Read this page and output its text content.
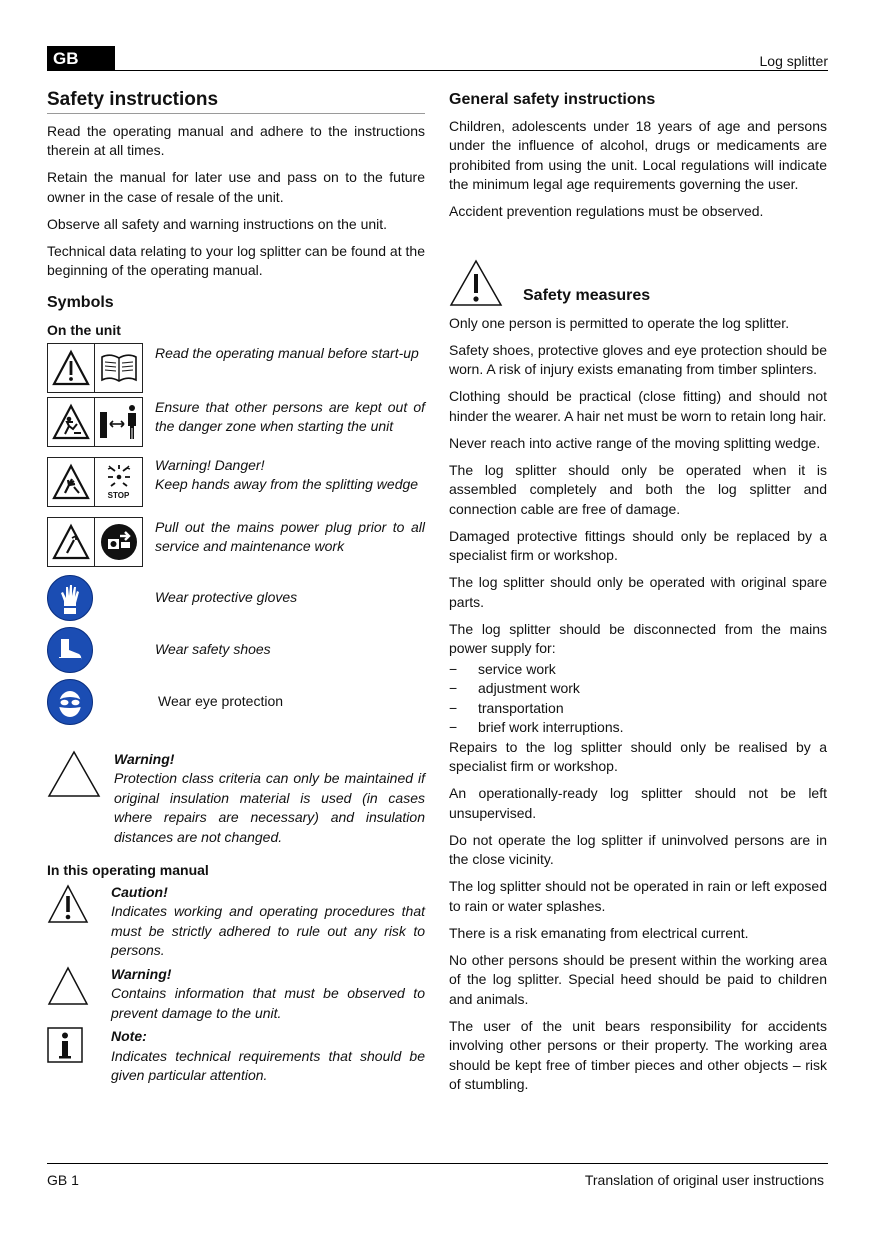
GB	Log splitter
Safety instructions

Read the operating manual and adhere to the instructions therein at all times.

Retain the manual for later use and pass on to the future owner in the case of resale of the unit.

Observe all safety and warning instructions on the unit.

Technical data relating to your log splitter can be found at the beginning of the operating manual.

Symbols
On the unit
Read the operating manual before start-up
Ensure that other persons are kept out of the danger zone when starting the unit
STOP
Warning! Danger!
Keep hands away from the splitting wedge
Pull out the mains power plug prior to all service and maintenance work
Wear protective gloves
Wear safety shoes
Wear eye protection
Warning!
Protection class criteria can only be maintained if original insulation material is used (in cases where repairs are necessary) and insulation distances are not changed.
In this operating manual
Caution!
Indicates working and operating procedures that must be strictly adhered to rule out any risk to persons.
Warning!
Contains information that must be observed to prevent damage to the unit.
Note:
Indicates technical requirements that should be given particular attention.
General safety instructions

Children, adolescents under 18 years of age and persons under the influence of alcohol, drugs or medicaments are prohibited from using the unit. Local regulations will indicate the minimum legal age requirements governing the user.

Accident prevention regulations must be observed.

Safety measures

Only one person is permitted to operate the log splitter.

Safety shoes, protective gloves and eye protection should be worn. A risk of injury exists emanating from timber splinters.

Clothing should be practical (close fitting) and should not hinder the wearer. A hair net must be worn to retain long hair.

Never reach into active range of the moving splitting wedge.

The log splitter should only be operated when it is assembled completely and both the log splitter and connection cable are free of damage.

Damaged protective fittings should only be replaced by a specialist firm or workshop.

The log splitter should only be operated with original spare parts.

The log splitter should be disconnected from the mains power supply for:

− service work
− adjustment work
− transportation
− brief work interruptions.

Repairs to the log splitter should only be realised by a specialist firm or workshop.

An operationally-ready log splitter should not be left unsupervised.

Do not operate the log splitter if uninvolved persons are in the close vicinity.

The log splitter should not be operated in rain or left exposed to rain or water splashes.

There is a risk emanating from electrical current.

No other persons should be present within the working area of the log splitter. Special heed should be paid to children and animals.

The user of the unit bears responsibility for accidents involving other persons or their property. The working area should be kept free of timber pieces and other objects – risk of stumbling.

GB 1	Translation of original user instructions
